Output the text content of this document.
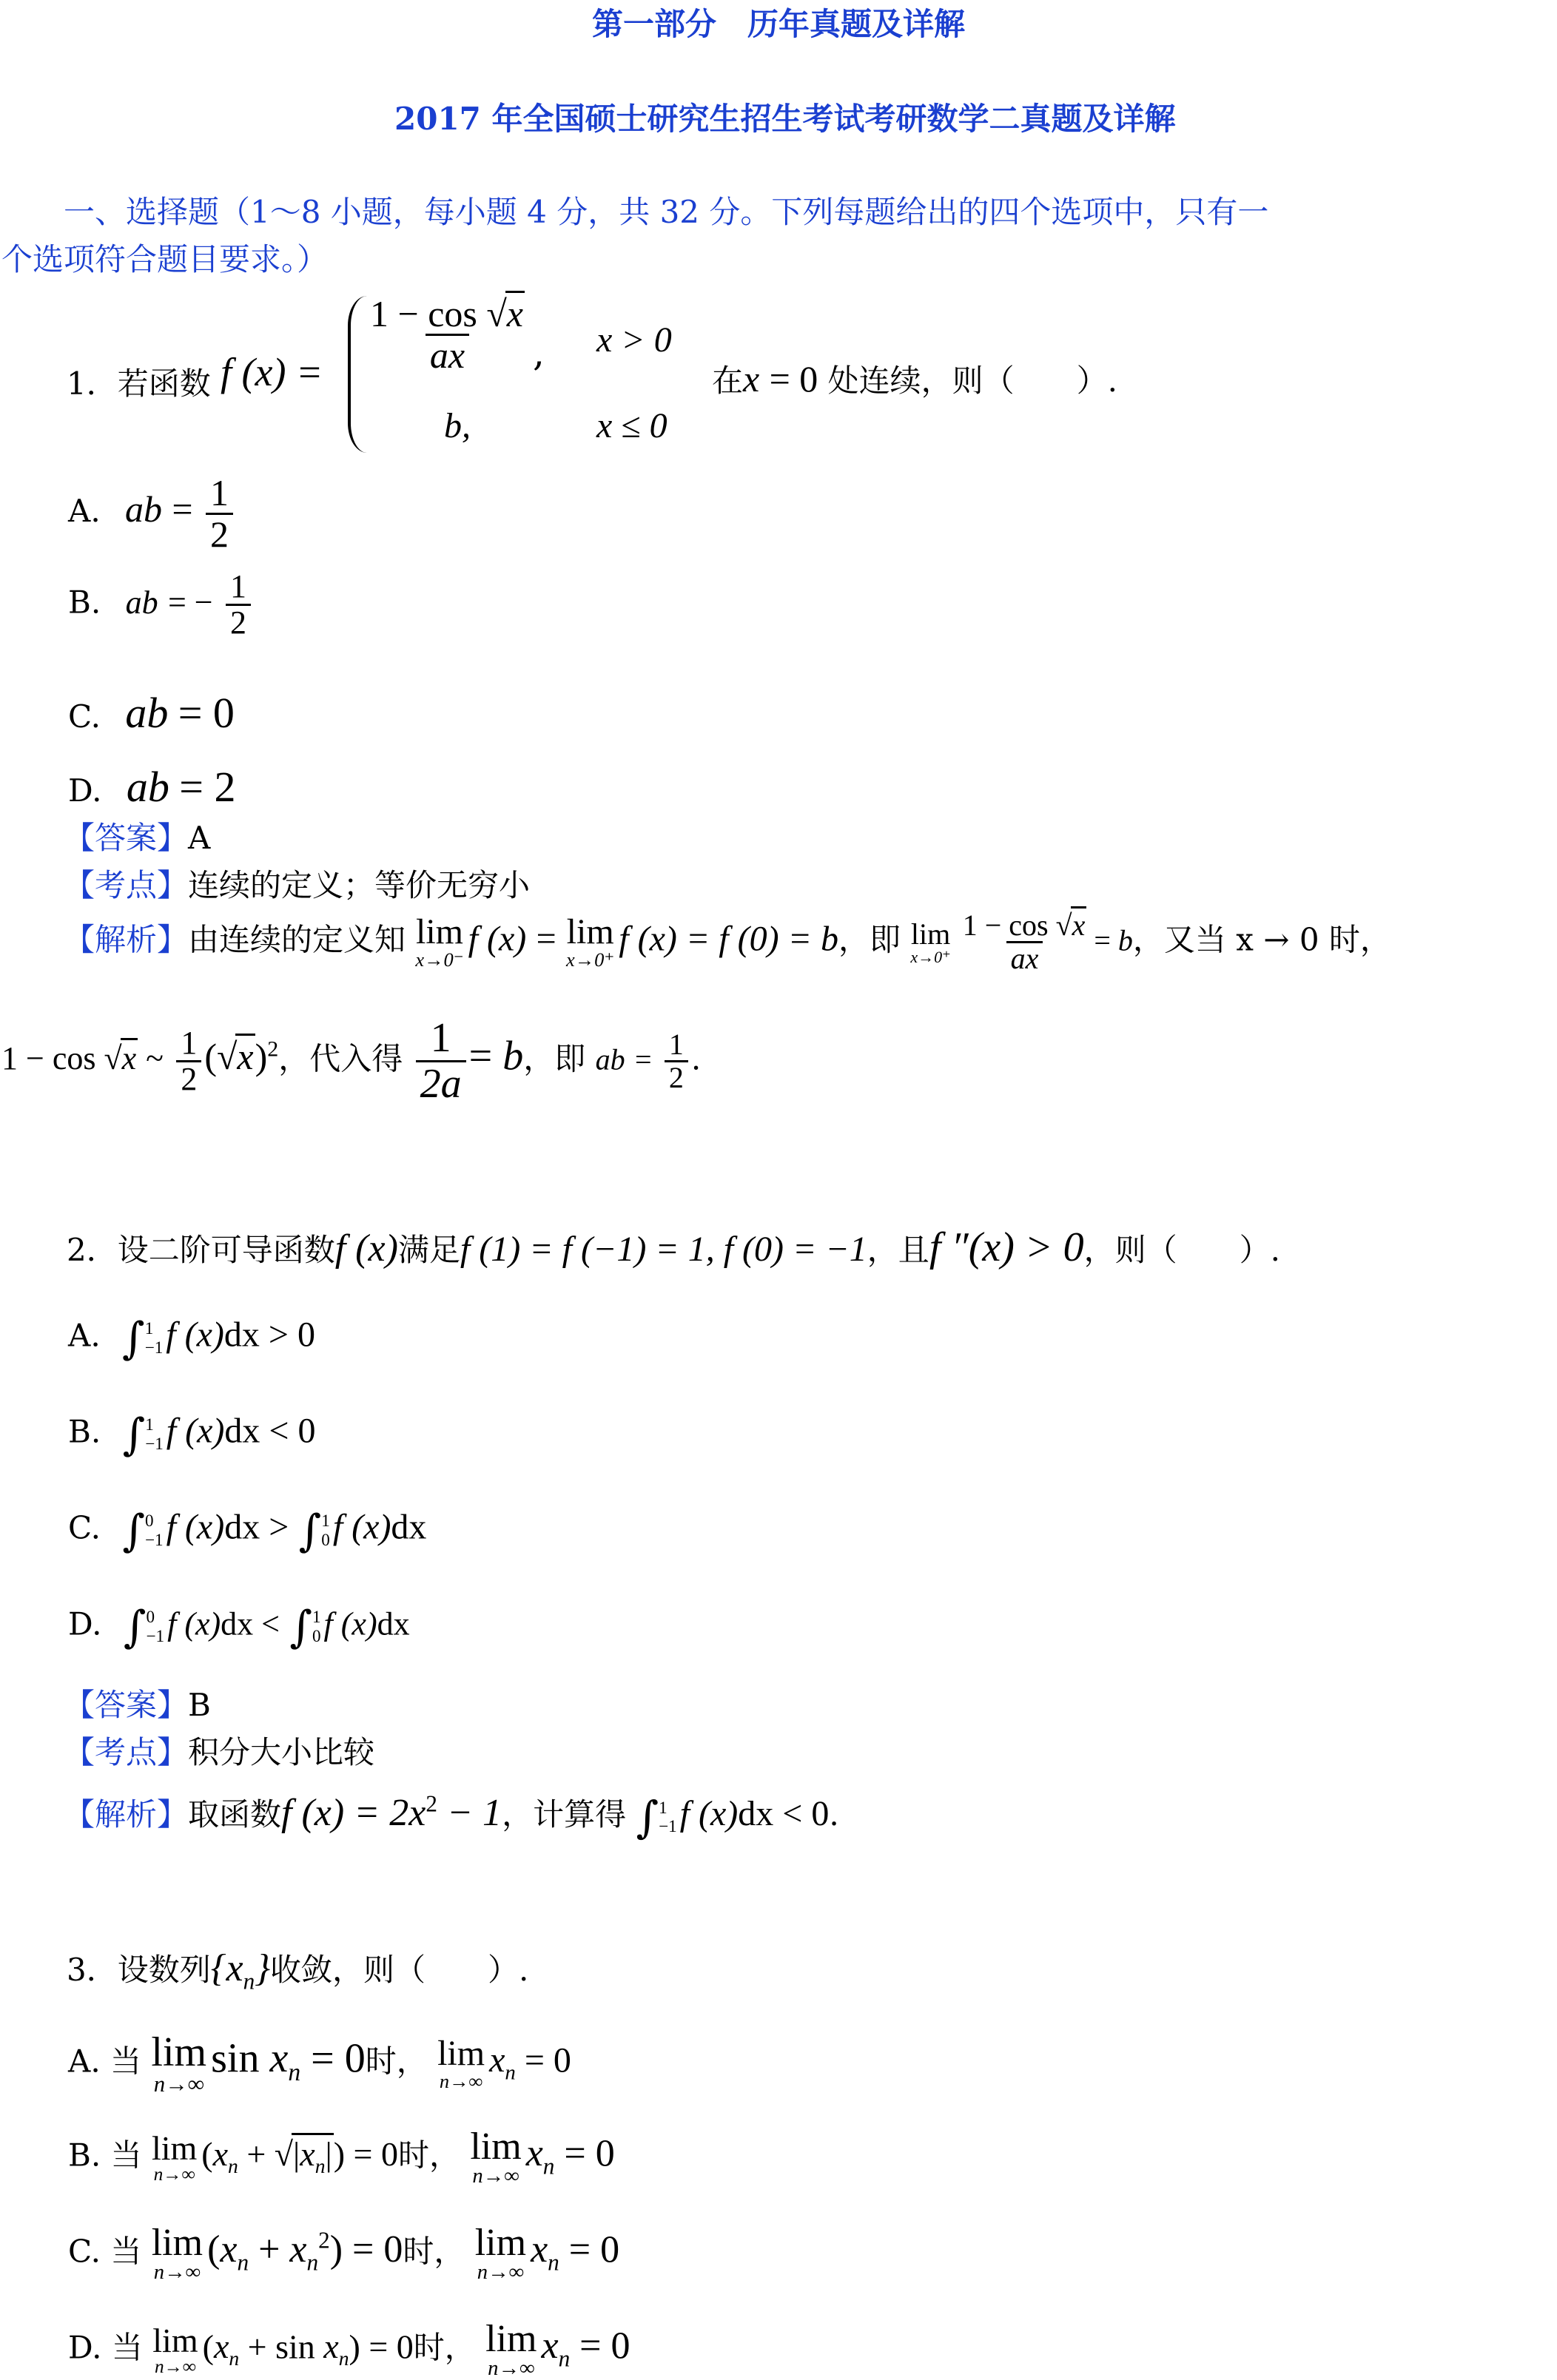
第一部分　历年真题及详解
2017 年全国硕士研究生招生考试考研数学二真题及详解
一、选择题（1～8 小题，每小题 4 分，共 32 分。下列每题给出的四个选项中，只有一
个选项符合题目要求。）
1．若函数 f $(x) = \frac{1 - \cos √x}{ax}$ , x > 0
b,	x ≤ 0
在x = 0 处连续，则（　　）.
A. ab = $\frac{1}{2}$
B. ab = − $\frac{1}{2}$
C. ab = 0
D. ab = 2
【答案】A
【考点】连续的定义；等价无穷小
【解析】由连续的定义知 lim
x→0⁻
f (x) = lim
x→0⁺
f (x) = f (0) = b，即 lim
$x\to 0^+ \frac{1 - \cos √x}{ax} = b$，又当 x → 0 时，
1 − cos √x ~ $\frac{1}{2} (√x)^2$，代入得 $\frac{1}{2a} = b$，即 ab = $\frac{1}{2}$ .
2．设二阶可导函数f (x)满足f (1) = f (−1) = 1, f (0) = −1，且f ″(x) > 0，则（　　）.
A. ∫ 1
−1 f (x)dx > 0
B. ∫ 1
−1 f (x)dx < 0
C. ∫ 0
−1 f (x)dx > ∫ 1
0 f (x)dx
D. ∫ 0
−1 f (x)dx < ∫ 1
0 f (x)dx
【答案】B
【考点】积分大小比较
【解析】取函数f $(x) = 2x^2 - 1$，计算得 ∫ 1
−1 f (x)dx < 0.
3．设数列$\{x_n\}$收敛，则（　　）.
A. 当 lim
n→∞
$\sin x_n = 0$时， lim
n→∞
$x_n = 0$
B. 当 lim
n→∞
$(x_n + √|x_n|) = 0$时， lim
n→∞
$x_n = 0$
C. 当 lim
n→∞
$(x_n + x_n^2) = 0$时， lim
n→∞
$x_n = 0$
D. 当 lim
n→∞
$(x_n + \sin x_n) = 0$时， lim
n→∞
$x_n = 0$
